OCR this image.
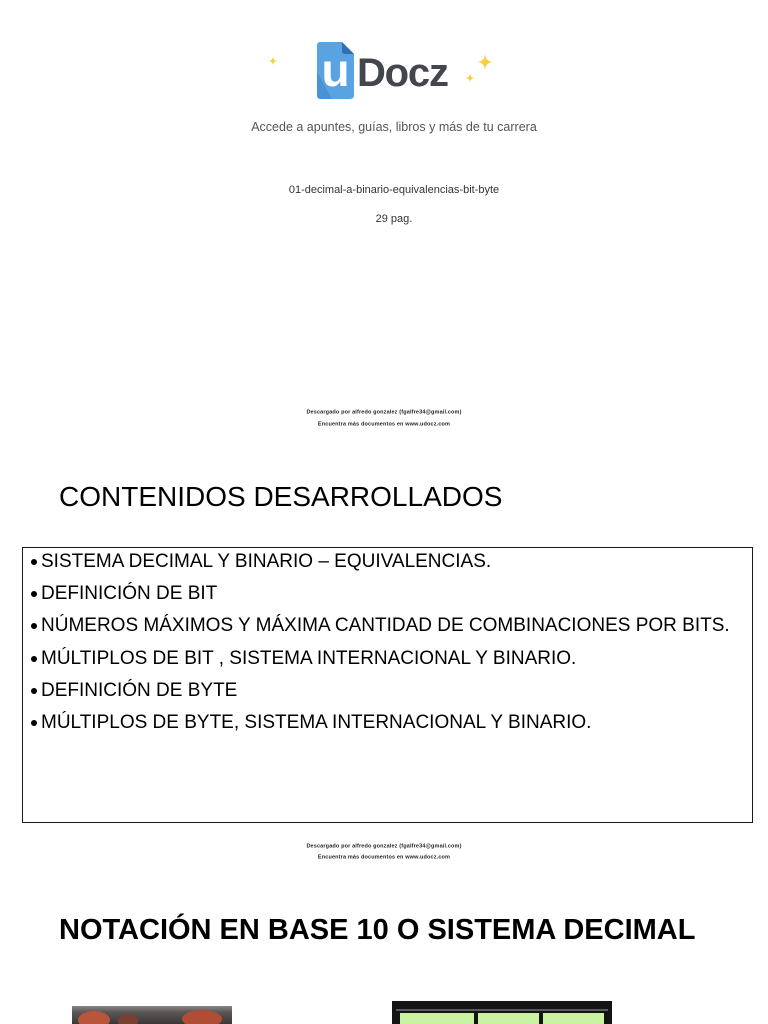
u Docz
Accede a apuntes, guías, libros y más de tu carrera
01-decimal-a-binario-equivalencias-bit-byte
29 pag.
Descargado por alfredo gonzalez (fgalfre34@gmail.com)
Encuentra más documentos en www.udocz.com
CONTENIDOS DESARROLLADOS
SISTEMA DECIMAL Y BINARIO – EQUIVALENCIAS.
DEFINICIÓN DE BIT
NÚMEROS MÁXIMOS Y MÁXIMA CANTIDAD DE COMBINACIONES POR BITS.
MÚLTIPLOS DE BIT , SISTEMA INTERNACIONAL Y BINARIO.
DEFINICIÓN DE BYTE
MÚLTIPLOS DE BYTE, SISTEMA INTERNACIONAL Y BINARIO.
Descargado por alfredo gonzalez (fgalfre34@gmail.com)
Encuentra más documentos en www.udocz.com
NOTACIÓN EN BASE 10 O SISTEMA DECIMAL
